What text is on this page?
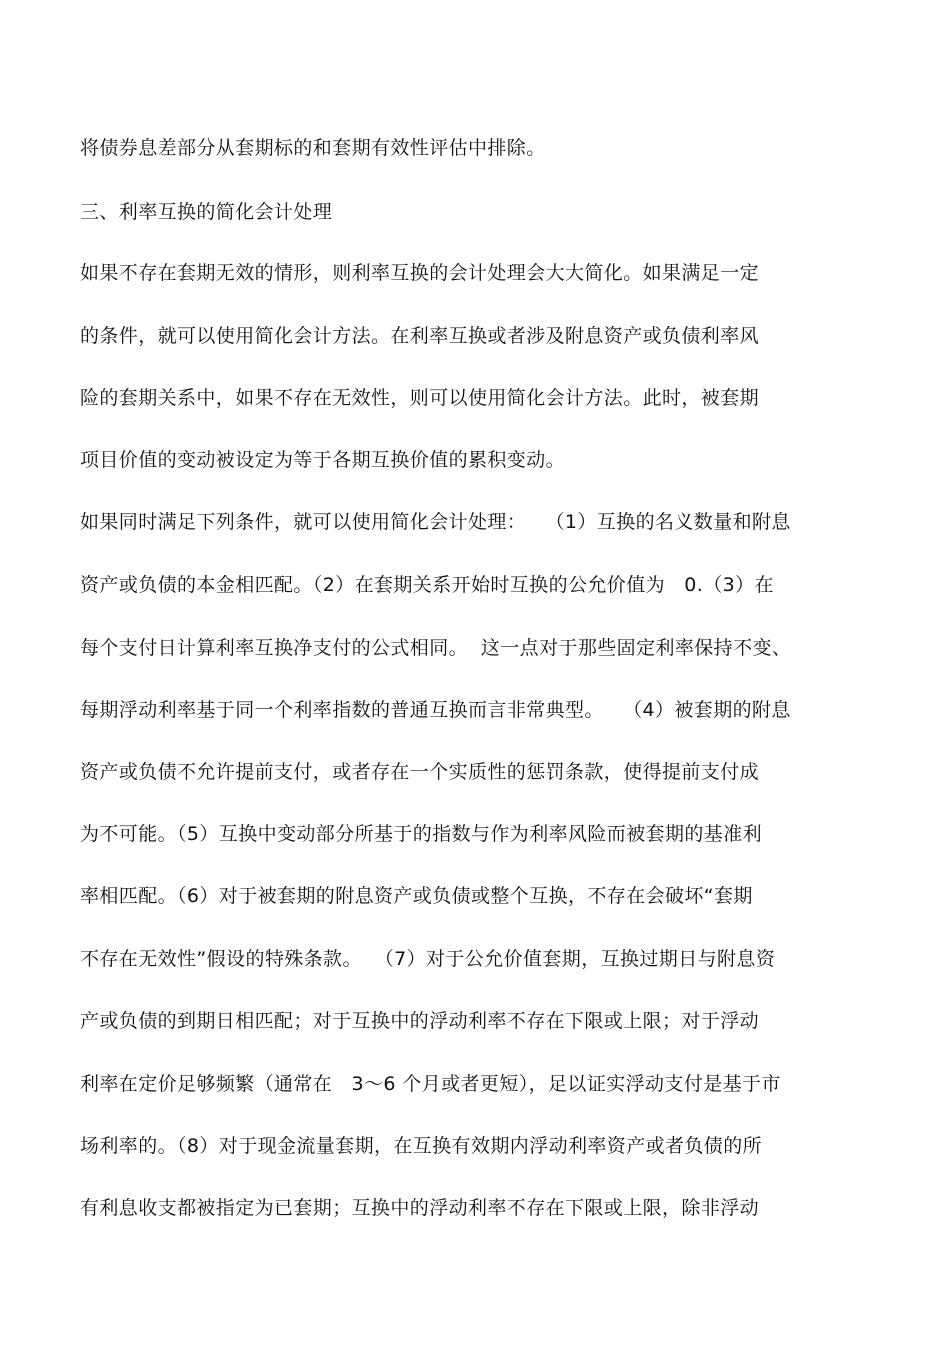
将债券息差部分从套期标的和套期有效性评估中排除。
三、利率互换的简化会计处理
如果不存在套期无效的情形，则利率互换的会计处理会大大简化。如果满足一定
的条件，就可以使用简化会计方法。在利率互换或者涉及附息资产或负债利率风
险的套期关系中，如果不存在无效性，则可以使用简化会计方法。此时，被套期
项目价值的变动被设定为等于各期互换价值的累积变动。
如果同时满足下列条件，就可以使用简化会计处理：   （1）互换的名义数量和附息
资产或负债的本金相匹配。（2）在套期关系开始时互换的公允价值为   0.（3）在
每个支付日计算利率互换净支付的公式相同。  这一点对于那些固定利率保持不变、
每期浮动利率基于同一个利率指数的普通互换而言非常典型。   （4）被套期的附息
资产或负债不允许提前支付，或者存在一个实质性的惩罚条款，使得提前支付成
为不可能。（5）互换中变动部分所基于的指数与作为利率风险而被套期的基准利
率相匹配。（6）对于被套期的附息资产或负债或整个互换，不存在会破坏“套期
不存在无效性”假设的特殊条款。  （7）对于公允价值套期，互换过期日与附息资
产或负债的到期日相匹配；对于互换中的浮动利率不存在下限或上限；对于浮动
利率在定价足够频繁（通常在   3～6 个月或者更短），足以证实浮动支付是基于市
场利率的。（8）对于现金流量套期，在互换有效期内浮动利率资产或者负债的所
有利息收支都被指定为已套期；互换中的浮动利率不存在下限或上限，除非浮动
